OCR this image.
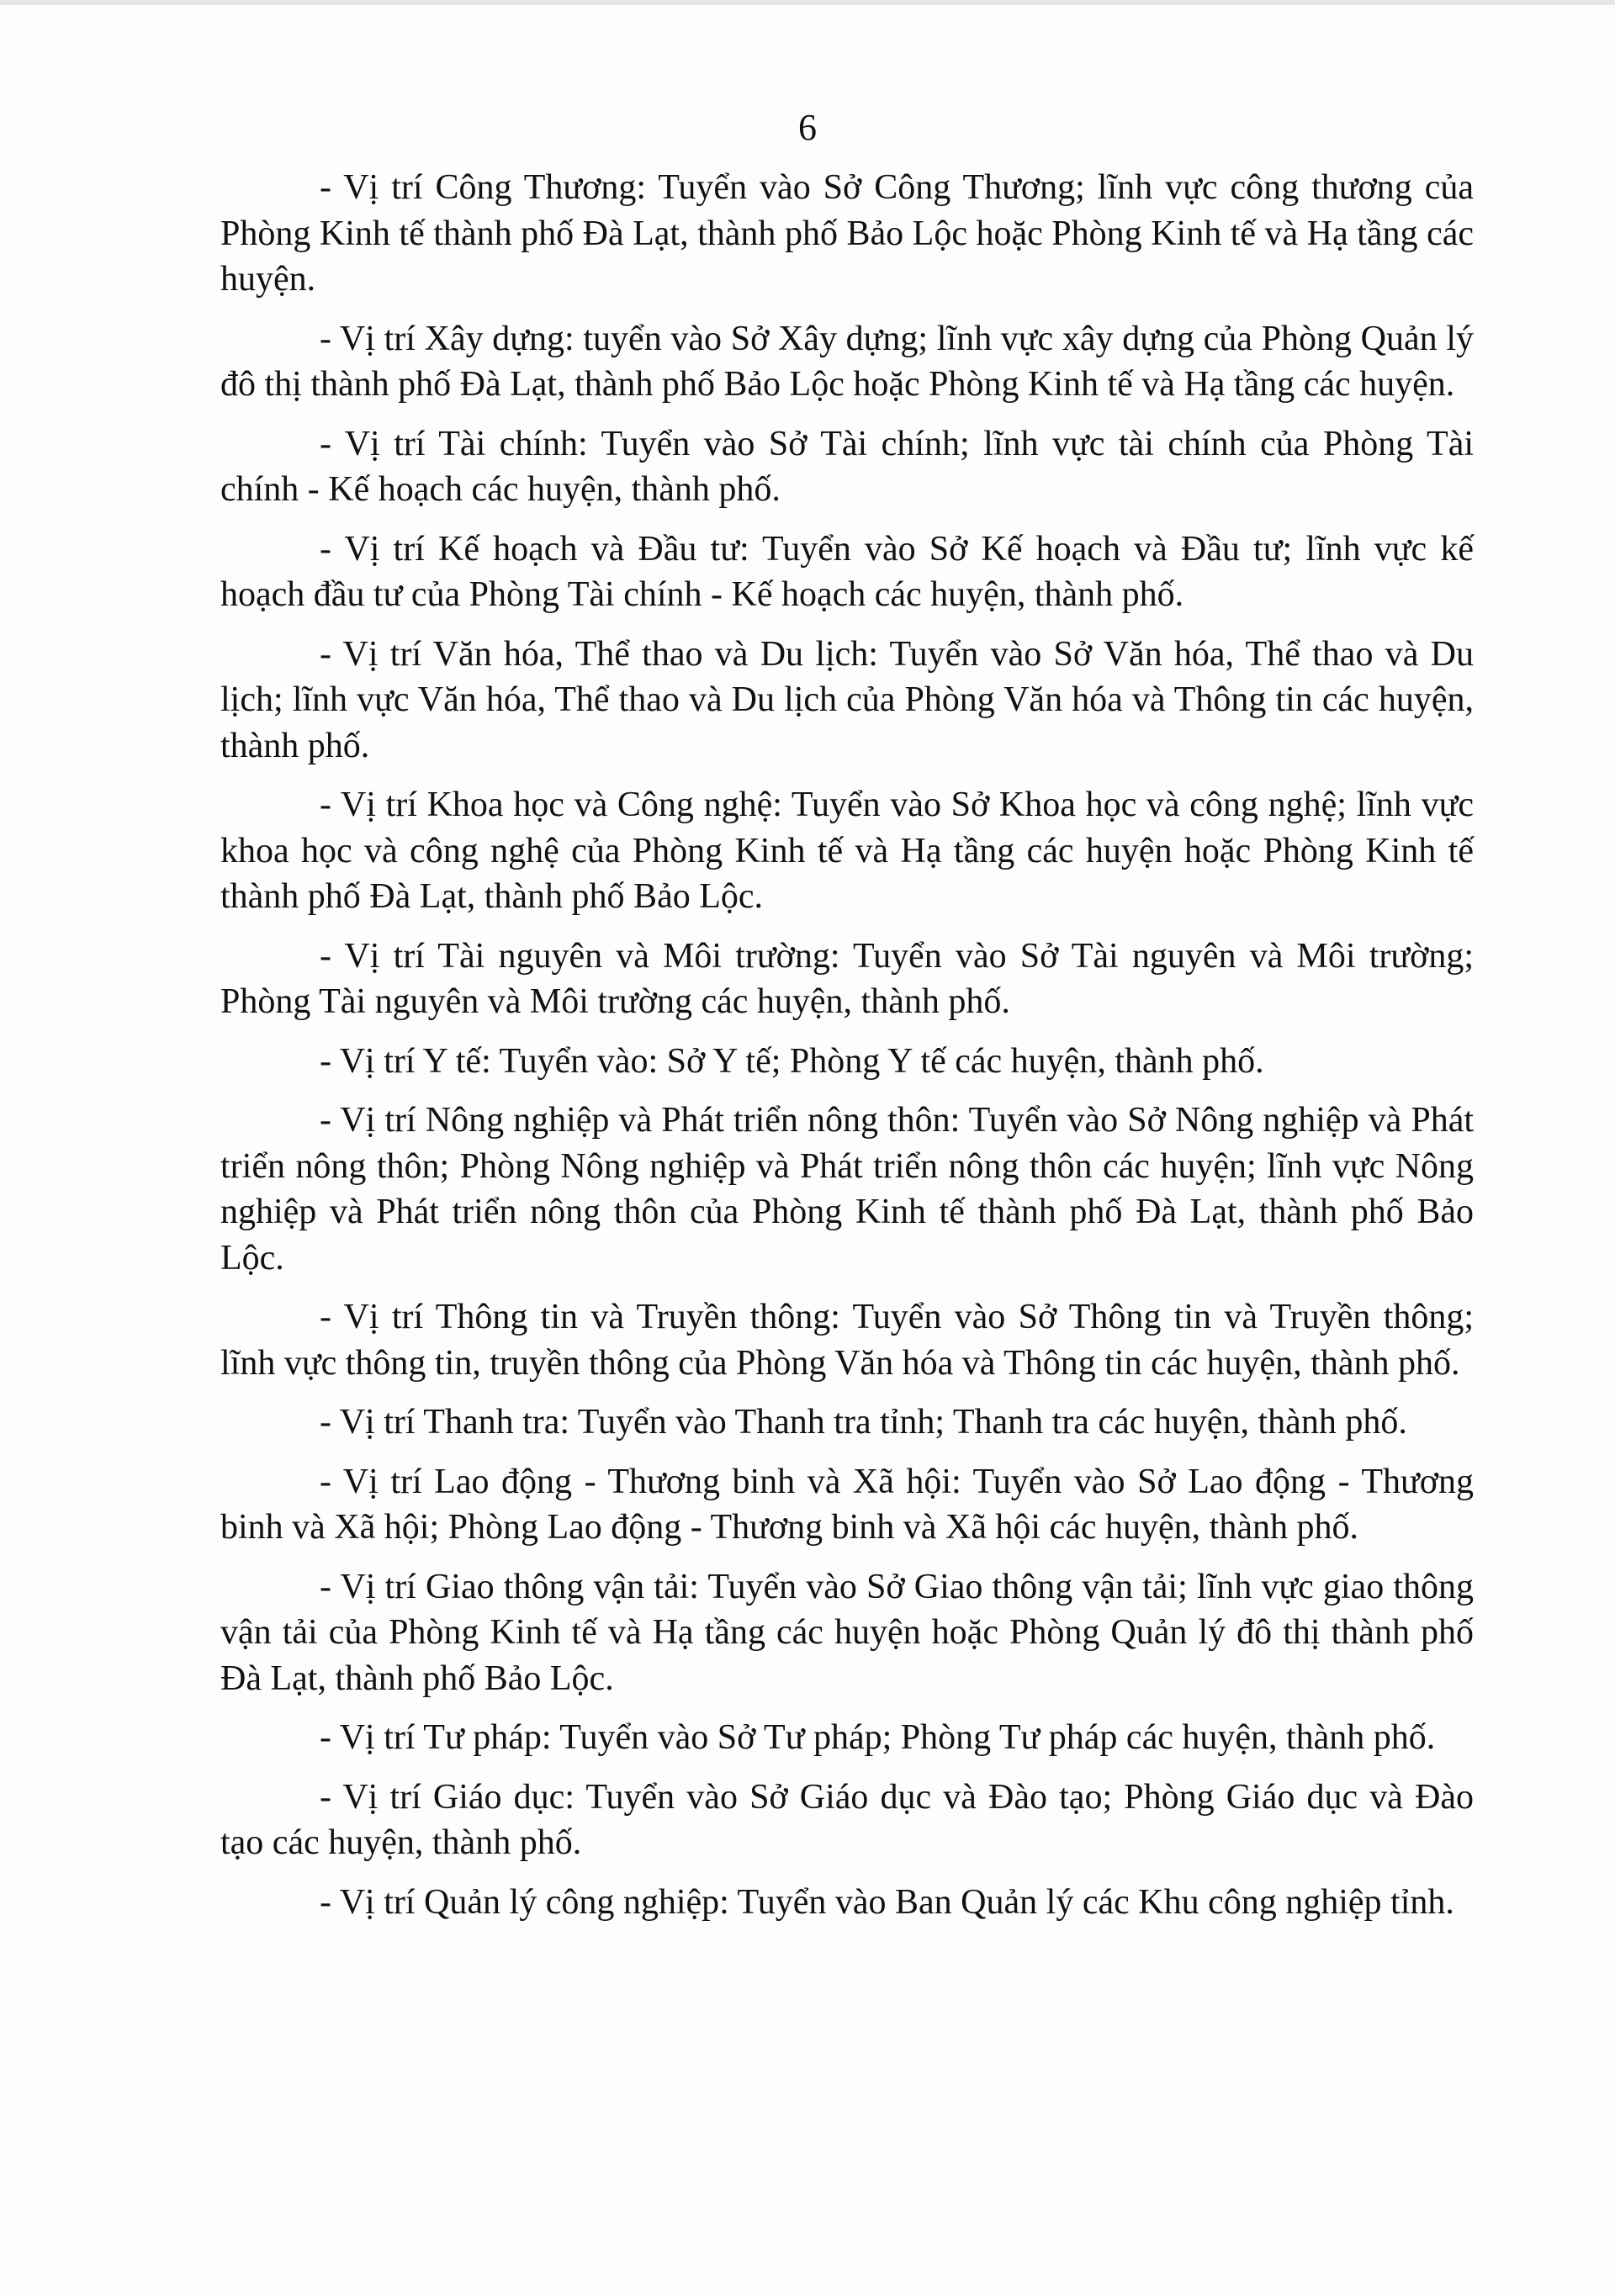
6

- Vị trí Công Thương: Tuyển vào Sở Công Thương; lĩnh vực công thương của Phòng Kinh tế thành phố Đà Lạt, thành phố Bảo Lộc hoặc Phòng Kinh tế và Hạ tầng các huyện.

- Vị trí Xây dựng: tuyển vào Sở Xây dựng; lĩnh vực xây dựng của Phòng Quản lý đô thị thành phố Đà Lạt, thành phố Bảo Lộc hoặc Phòng Kinh tế và Hạ tầng các huyện.

- Vị trí Tài chính: Tuyển vào Sở Tài chính; lĩnh vực tài chính của Phòng Tài chính - Kế hoạch các huyện, thành phố.

- Vị trí Kế hoạch và Đầu tư: Tuyển vào Sở Kế hoạch và Đầu tư; lĩnh vực kế hoạch đầu tư của Phòng Tài chính - Kế hoạch các huyện, thành phố.

- Vị trí Văn hóa, Thể thao và Du lịch: Tuyển vào Sở Văn hóa, Thể thao và Du lịch; lĩnh vực Văn hóa, Thể thao và Du lịch của Phòng Văn hóa và Thông tin các huyện, thành phố.

- Vị trí Khoa học và Công nghệ: Tuyển vào Sở Khoa học và công nghệ; lĩnh vực khoa học và công nghệ của Phòng Kinh tế và Hạ tầng các huyện hoặc Phòng Kinh tế thành phố Đà Lạt, thành phố Bảo Lộc.

- Vị trí Tài nguyên và Môi trường: Tuyển vào Sở Tài nguyên và Môi trường; Phòng Tài nguyên và Môi trường các huyện, thành phố.

- Vị trí Y tế: Tuyển vào: Sở Y tế; Phòng Y tế các huyện, thành phố.

- Vị trí Nông nghiệp và Phát triển nông thôn: Tuyển vào Sở Nông nghiệp và Phát triển nông thôn; Phòng Nông nghiệp và Phát triển nông thôn các huyện; lĩnh vực Nông nghiệp và Phát triển nông thôn của Phòng Kinh tế thành phố Đà Lạt, thành phố Bảo Lộc.

- Vị trí Thông tin và Truyền thông: Tuyển vào Sở Thông tin và Truyền thông; lĩnh vực thông tin, truyền thông của Phòng Văn hóa và Thông tin các huyện, thành phố.

- Vị trí Thanh tra: Tuyển vào Thanh tra tỉnh; Thanh tra các huyện, thành phố.

- Vị trí Lao động - Thương binh và Xã hội: Tuyển vào Sở Lao động - Thương binh và Xã hội; Phòng Lao động - Thương binh và Xã hội các huyện, thành phố.

- Vị trí Giao thông vận tải: Tuyển vào Sở Giao thông vận tải; lĩnh vực giao thông vận tải của Phòng Kinh tế và Hạ tầng các huyện hoặc Phòng Quản lý đô thị thành phố Đà Lạt, thành phố Bảo Lộc.

- Vị trí Tư pháp: Tuyển vào Sở Tư pháp; Phòng Tư pháp các huyện, thành phố.

- Vị trí Giáo dục: Tuyển vào Sở Giáo dục và Đào tạo; Phòng Giáo dục và Đào tạo các huyện, thành phố.

- Vị trí Quản lý công nghiệp: Tuyển vào Ban Quản lý các Khu công nghiệp tỉnh.
